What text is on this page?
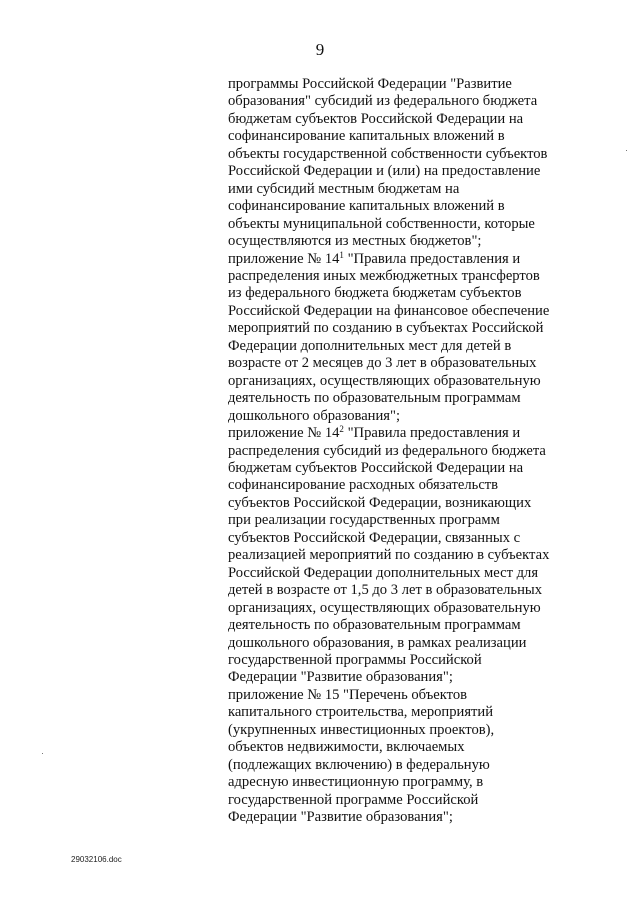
9
программы Российской Федерации "Развитие
образования" субсидий из федерального бюджета
бюджетам субъектов Российской Федерации на
софинансирование капитальных вложений в
объекты государственной собственности субъектов
Российской Федерации и (или) на предоставление
ими субсидий местным бюджетам на
софинансирование капитальных вложений в
объекты муниципальной собственности, которые
осуществляются из местных бюджетов";
приложение № $14^1$ "Правила предоставления и
распределения иных межбюджетных трансфертов
из федерального бюджета бюджетам субъектов
Российской Федерации на финансовое обеспечение
мероприятий по созданию в субъектах Российской
Федерации дополнительных мест для детей в
возрасте от 2 месяцев до 3 лет в образовательных
организациях, осуществляющих образовательную
деятельность по образовательным программам
дошкольного образования";
приложение № $14^2$ "Правила предоставления и
распределения субсидий из федерального бюджета
бюджетам субъектов Российской Федерации на
софинансирование расходных обязательств
субъектов Российской Федерации, возникающих
при реализации государственных программ
субъектов Российской Федерации, связанных с
реализацией мероприятий по созданию в субъектах
Российской Федерации дополнительных мест для
детей в возрасте от 1,5 до 3 лет в образовательных
организациях, осуществляющих образовательную
деятельность по образовательным программам
дошкольного образования, в рамках реализации
государственной программы Российской
Федерации "Развитие образования";
приложение № 15 "Перечень объектов
капитального строительства, мероприятий
(укрупненных инвестиционных проектов),
объектов недвижимости, включаемых
(подлежащих включению) в федеральную
адресную инвестиционную программу, в
государственной программе Российской
Федерации "Развитие образования";
29032106.doc
